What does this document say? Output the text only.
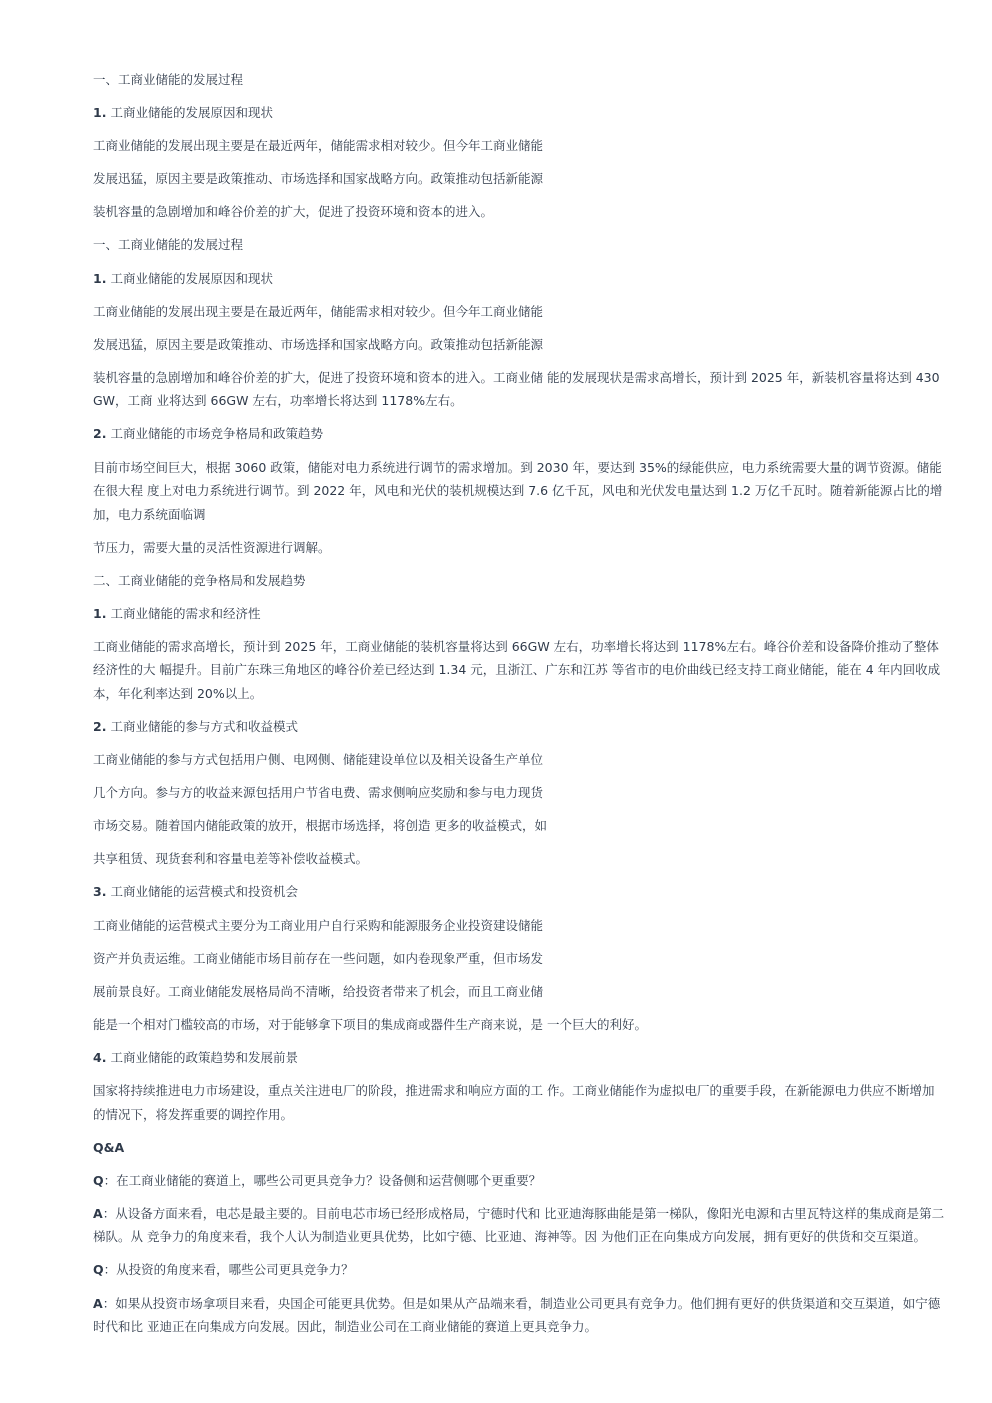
一、工商业储能的发展过程
1. 工商业储能的发展原因和现状
工商业储能的发展出现主要是在最近两年，储能需求相对较少。但今年工商业储能
发展迅猛，原因主要是政策推动、市场选择和国家战略方向。政策推动包括新能源
装机容量的急剧增加和峰谷价差的扩大，促进了投资环境和资本的进入。
一、工商业储能的发展过程
1. 工商业储能的发展原因和现状
工商业储能的发展出现主要是在最近两年，储能需求相对较少。但今年工商业储能
发展迅猛，原因主要是政策推动、市场选择和国家战略方向。政策推动包括新能源
装机容量的急剧增加和峰谷价差的扩大，促进了投资环境和资本的进入。工商业储 能的发展现状是需求高增长，预计到 2025 年，新装机容量将达到 430GW，工商 业将达到 66GW 左右，功率增长将达到 1178%左右。
2. 工商业储能的市场竞争格局和政策趋势
目前市场空间巨大，根据 3060 政策，储能对电力系统进行调节的需求增加。到 2030 年，要达到 35%的绿能供应，电力系统需要大量的调节资源。储能在很大程 度上对电力系统进行调节。到 2022 年，风电和光伏的装机规模达到 7.6 亿千瓦，风电和光伏发电量达到 1.2 万亿千瓦时。随着新能源占比的增加，电力系统面临调
节压力，需要大量的灵活性资源进行调解。
二、工商业储能的竞争格局和发展趋势
1. 工商业储能的需求和经济性
工商业储能的需求高增长，预计到 2025 年，工商业储能的装机容量将达到 66GW 左右，功率增长将达到 1178%左右。峰谷价差和设备降价推动了整体经济性的大 幅提升。目前广东珠三角地区的峰谷价差已经达到 1.34 元，且浙江、广东和江苏 等省市的电价曲线已经支持工商业储能，能在 4 年内回收成本，年化利率达到 20%以上。
2. 工商业储能的参与方式和收益模式
工商业储能的参与方式包括用户侧、电网侧、储能建设单位以及相关设备生产单位
几个方向。参与方的收益来源包括用户节省电费、需求侧响应奖励和参与电力现货
市场交易。随着国内储能政策的放开，根据市场选择，将创造 更多的收益模式，如
共享租赁、现货套利和容量电差等补偿收益模式。
3. 工商业储能的运营模式和投资机会
工商业储能的运营模式主要分为工商业用户自行采购和能源服务企业投资建设储能
资产并负责运维。工商业储能市场目前存在一些问题，如内卷现象严重，但市场发
展前景良好。工商业储能发展格局尚不清晰，给投资者带来了机会，而且工商业储
能是一个相对门槛较高的市场，对于能够拿下项目的集成商或器件生产商来说，是 一个巨大的利好。
4. 工商业储能的政策趋势和发展前景
国家将持续推进电力市场建设，重点关注进电厂的阶段，推进需求和响应方面的工 作。工商业储能作为虚拟电厂的重要手段，在新能源电力供应不断增加的情况下，将发挥重要的调控作用。
Q&A
Q：在工商业储能的赛道上，哪些公司更具竞争力？设备侧和运营侧哪个更重要？
A：从设备方面来看，电芯是最主要的。目前电芯市场已经形成格局，宁德时代和 比亚迪海豚曲能是第一梯队，像阳光电源和古里瓦特这样的集成商是第二梯队。从 竞争力的角度来看，我个人认为制造业更具优势，比如宁德、比亚迪、海神等。因 为他们正在向集成方向发展，拥有更好的供货和交互渠道。
Q：从投资的角度来看，哪些公司更具竞争力？
A：如果从投资市场拿项目来看，央国企可能更具优势。但是如果从产品端来看，制造业公司更具有竞争力。他们拥有更好的供货渠道和交互渠道，如宁德时代和比 亚迪正在向集成方向发展。因此，制造业公司在工商业储能的赛道上更具竞争力。
